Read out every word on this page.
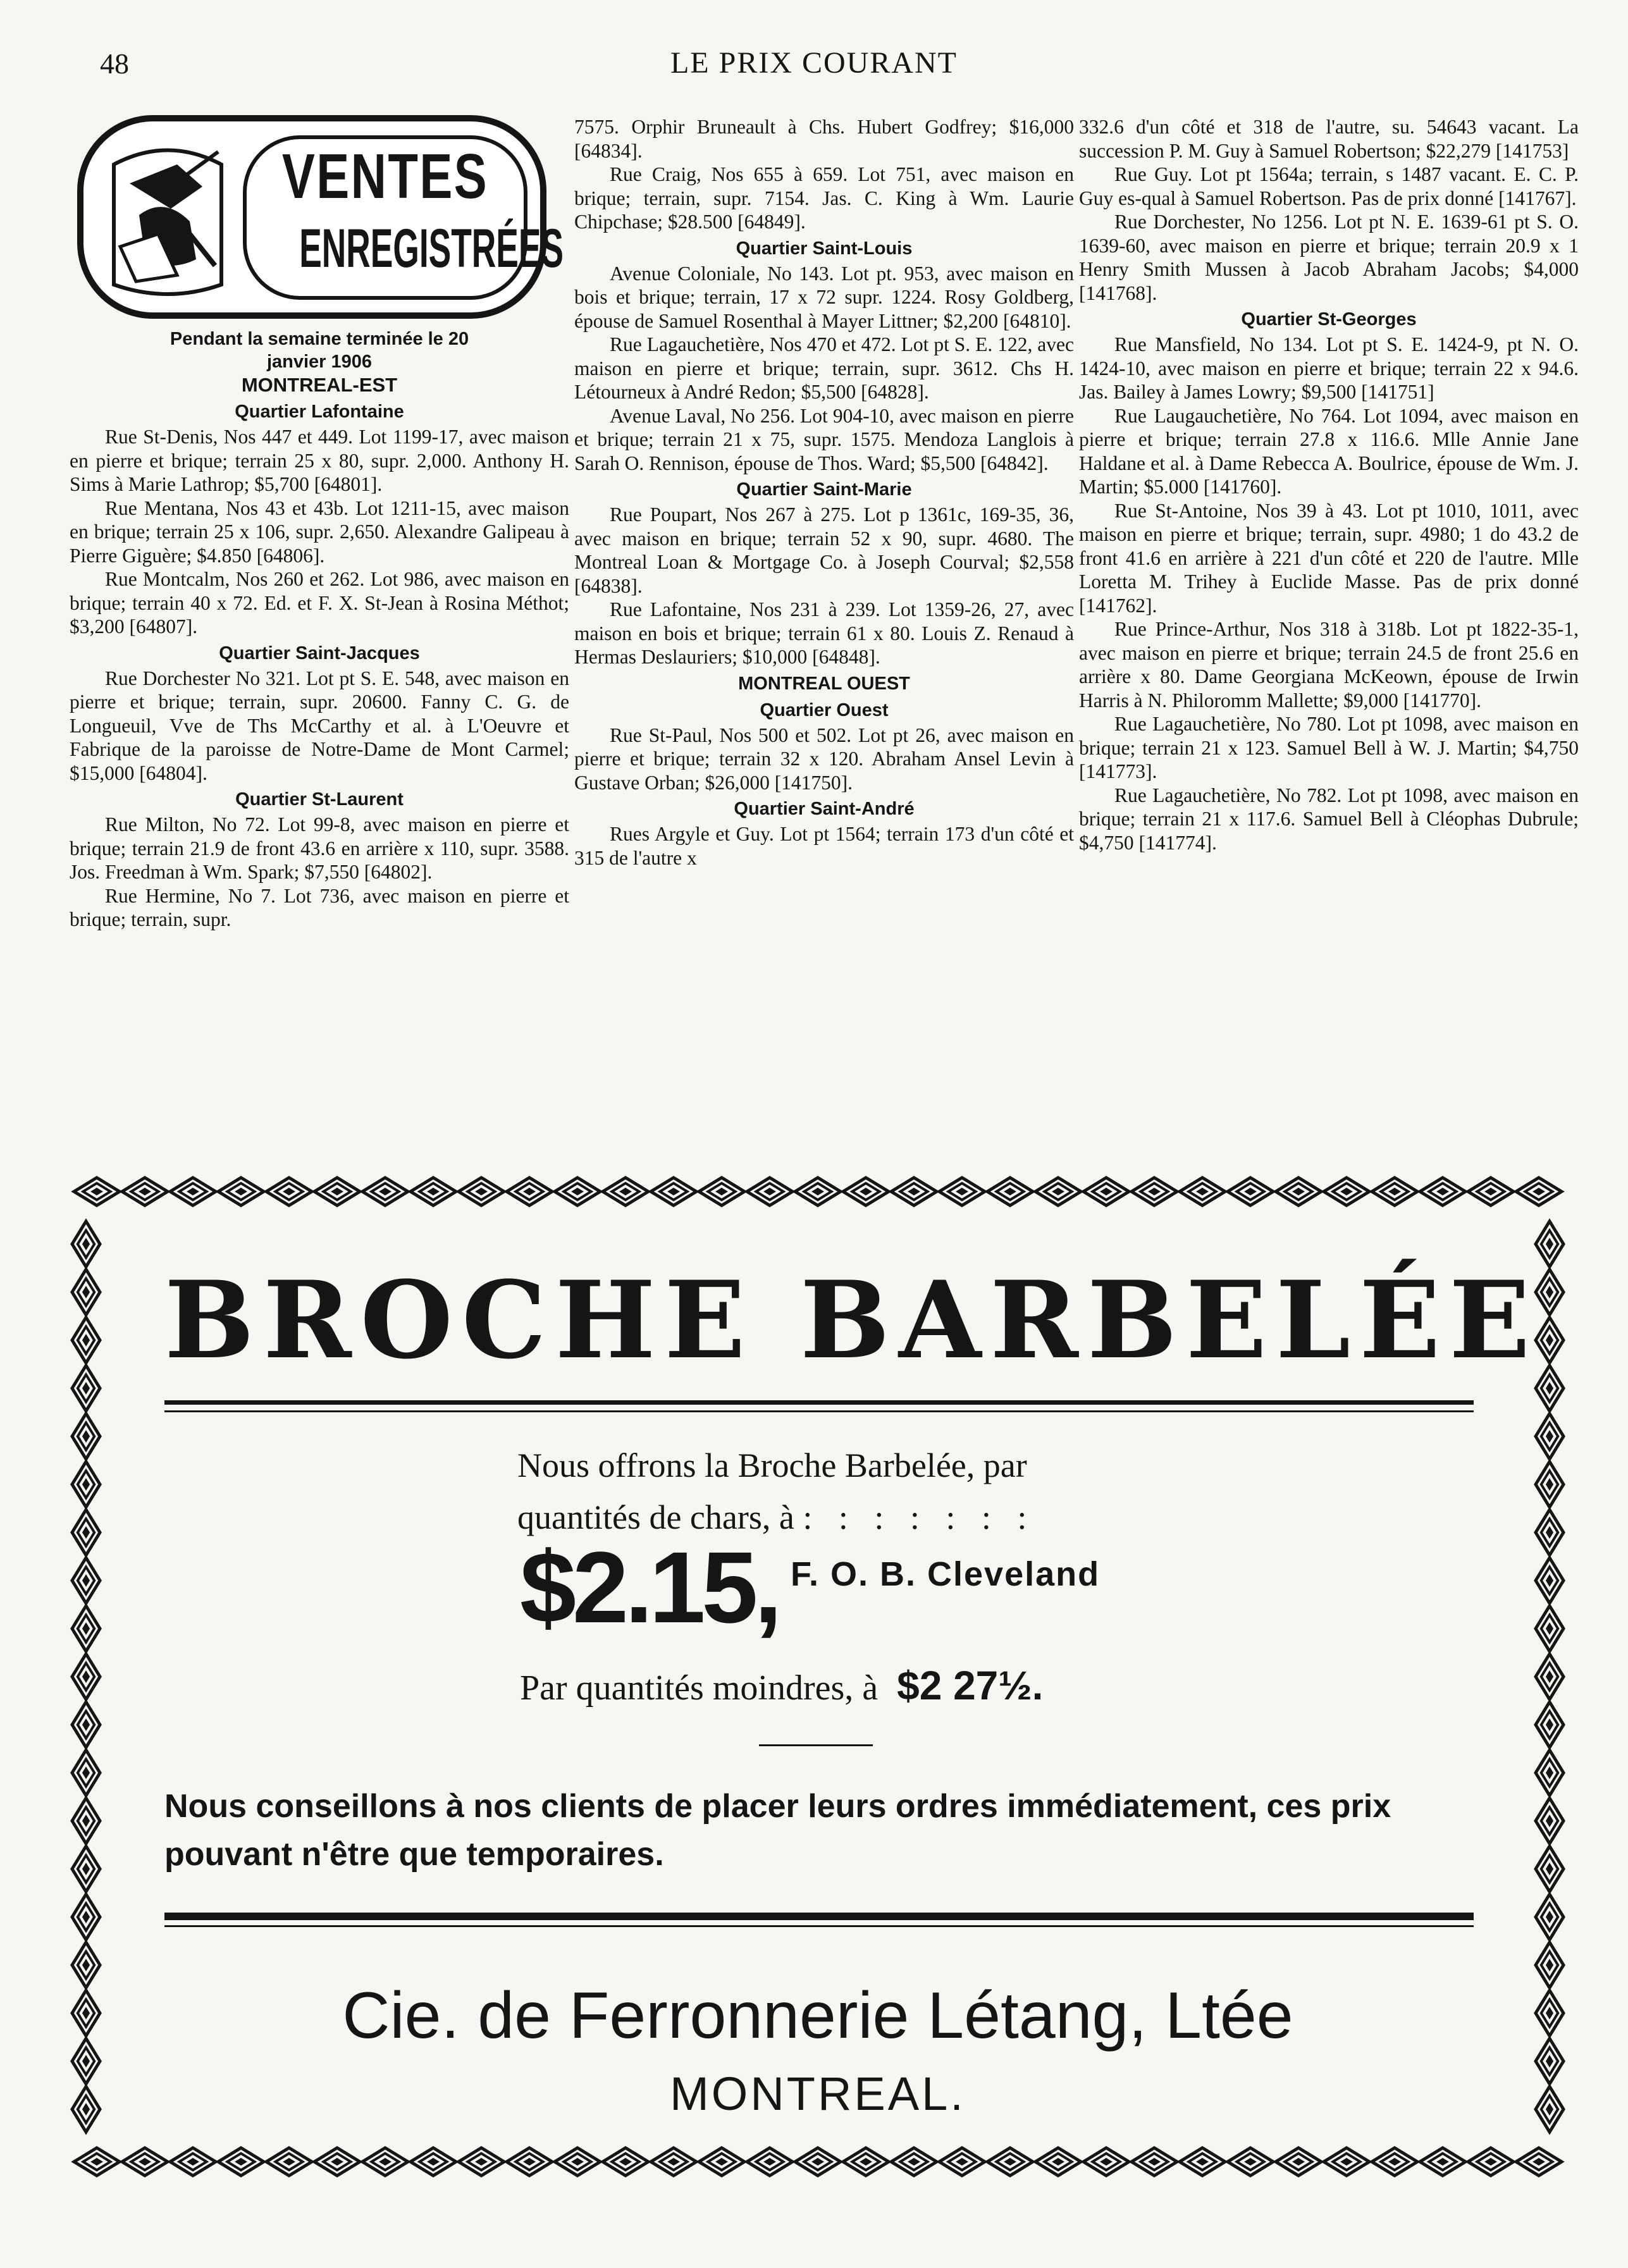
48	LE PRIX COURANT
VENTES
ENREGISTRÉES
Pendant la semaine terminée le 20
janvier 1906
MONTREAL-EST
Quartier Lafontaine

Rue St-Denis, Nos 447 et 449. Lot 1199-17, avec maison en pierre et brique; terrain 25 x 80, supr. 2,000. Anthony H. Sims à Marie Lathrop; $5,700 [64801].

Rue Mentana, Nos 43 et 43b. Lot 1211-15, avec maison en brique; terrain 25 x 106, supr. 2,650. Alexandre Galipeau à Pierre Giguère; $4.850 [64806].

Rue Montcalm, Nos 260 et 262. Lot 986, avec maison en brique; terrain 40 x 72. Ed. et F. X. St-Jean à Rosina Méthot; $3,200 [64807].

Quartier Saint-Jacques

Rue Dorchester No 321. Lot pt S. E. 548, avec maison en pierre et brique; terrain, supr. 20600. Fanny C. G. de Longueuil, Vve de Ths McCarthy et al. à L'Oeuvre et Fabrique de la paroisse de Notre-Dame de Mont Carmel; $15,000 [64804].

Quartier St-Laurent

Rue Milton, No 72. Lot 99-8, avec maison en pierre et brique; terrain 21.9 de front 43.6 en arrière x 110, supr. 3588. Jos. Freedman à Wm. Spark; $7,550 [64802].

Rue Hermine, No 7. Lot 736, avec maison en pierre et brique; terrain, supr.

7575. Orphir Bruneault à Chs. Hubert Godfrey; $16,000 [64834].

Rue Craig, Nos 655 à 659. Lot 751, avec maison en brique; terrain, supr. 7154. Jas. C. King à Wm. Laurie Chipchase; $28.500 [64849].

Quartier Saint-Louis

Avenue Coloniale, No 143. Lot pt. 953, avec maison en bois et brique; terrain, 17 x 72 supr. 1224. Rosy Goldberg, épouse de Samuel Rosenthal à Mayer Littner; $2,200 [64810].

Rue Lagauchetière, Nos 470 et 472. Lot pt S. E. 122, avec maison en pierre et brique; terrain, supr. 3612. Chs H. Létourneux à André Redon; $5,500 [64828].

Avenue Laval, No 256. Lot 904-10, avec maison en pierre et brique; terrain 21 x 75, supr. 1575. Mendoza Langlois à Sarah O. Rennison, épouse de Thos. Ward; $5,500 [64842].

Quartier Saint-Marie

Rue Poupart, Nos 267 à 275. Lot p 1361c, 169-35, 36, avec maison en brique; terrain 52 x 90, supr. 4680. The Montreal Loan & Mortgage Co. à Joseph Courval; $2,558 [64838].

Rue Lafontaine, Nos 231 à 239. Lot 1359-26, 27, avec maison en bois et brique; terrain 61 x 80. Louis Z. Renaud à Hermas Deslauriers; $10,000 [64848].

MONTREAL OUEST
Quartier Ouest

Rue St-Paul, Nos 500 et 502. Lot pt 26, avec maison en pierre et brique; terrain 32 x 120. Abraham Ansel Levin à Gustave Orban; $26,000 [141750].

Quartier Saint-André

Rues Argyle et Guy. Lot pt 1564; terrain 173 d'un côté et 315 de l'autre x

332.6 d'un côté et 318 de l'autre, su. 54643 vacant. La succession P. M. Guy à Samuel Robertson; $22,279 [141753]

Rue Guy. Lot pt 1564a; terrain, s 1487 vacant. E. C. P. Guy es-qual à Samuel Robertson. Pas de prix donné [141767].

Rue Dorchester, No 1256. Lot pt N. E. 1639-61 pt S. O. 1639-60, avec maison en pierre et brique; terrain 20.9 x 1 Henry Smith Mussen à Jacob Abraham Jacobs; $4,000 [141768].

Quartier St-Georges

Rue Mansfield, No 134. Lot pt S. E. 1424-9, pt N. O. 1424-10, avec maison en pierre et brique; terrain 22 x 94.6. Jas. Bailey à James Lowry; $9,500 [141751]

Rue Laugauchetière, No 764. Lot 1094, avec maison en pierre et brique; terrain 27.8 x 116.6. Mlle Annie Jane Haldane et al. à Dame Rebecca A. Boulrice, épouse de Wm. J. Martin; $5.000 [141760].

Rue St-Antoine, Nos 39 à 43. Lot pt 1010, 1011, avec maison en pierre et brique; terrain, supr. 4980; 1 do 43.2 de front 41.6 en arrière à 221 d'un côté et 220 de l'autre. Mlle Loretta M. Trihey à Euclide Masse. Pas de prix donné [141762].

Rue Prince-Arthur, Nos 318 à 318b. Lot pt 1822-35-1, avec maison en pierre et brique; terrain 24.5 de front 25.6 en arrière x 80. Dame Georgiana McKeown, épouse de Irwin Harris à N. Philoromm Mallette; $9,000 [141770].

Rue Lagauchetière, No 780. Lot pt 1098, avec maison en brique; terrain 21 x 123. Samuel Bell à W. J. Martin; $4,750 [141773].

Rue Lagauchetière, No 782. Lot pt 1098, avec maison en brique; terrain 21 x 117.6. Samuel Bell à Cléophas Dubrule; $4,750 [141774].

BROCHE BARBELÉE
Nous offrons la Broche Barbelée, par
quantités de chars, à : : : : : : :
$2.15, F. O. B. Cleveland
Par quantités moindres, à $2 27½.
Nous conseillons à nos clients de placer leurs ordres immédiatement, ces prix pouvant n'être que temporaires.
Cie. de Ferronnerie Létang, Ltée
MONTREAL.
